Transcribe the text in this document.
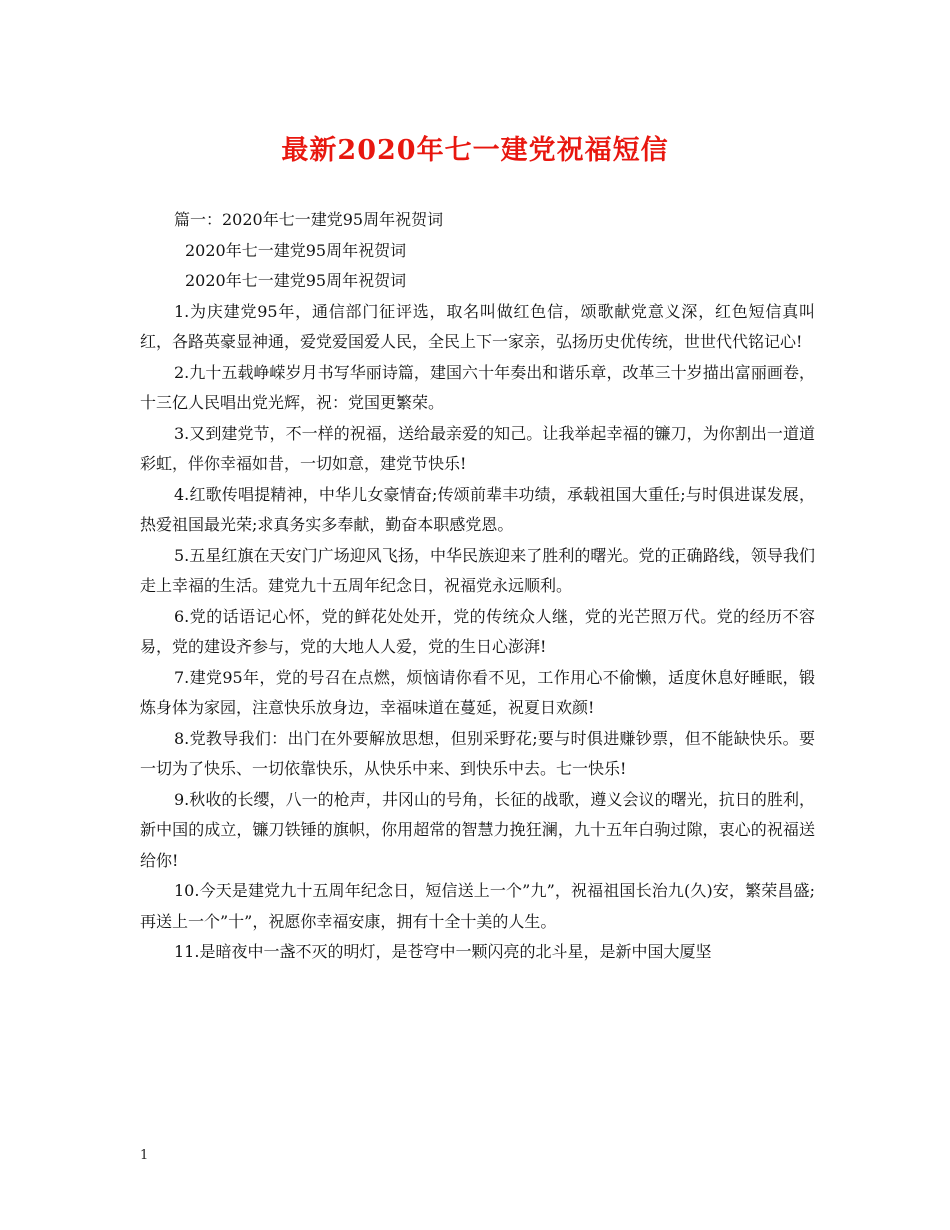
最新2020年七一建党祝福短信

篇一：2020年七一建党95周年祝贺词

2020年七一建党95周年祝贺词

2020年七一建党95周年祝贺词

1.为庆建党95年，通信部门征评选，取名叫做红色信，颂歌献党意义深，红色短信真叫红，各路英豪显神通，爱党爱国爱人民，全民上下一家亲，弘扬历史优传统，世世代代铭记心!

2.九十五载峥嵘岁月书写华丽诗篇，建国六十年奏出和谐乐章，改革三十岁描出富丽画卷，十三亿人民唱出党光辉，祝：党国更繁荣。

3.又到建党节，不一样的祝福，送给最亲爱的知己。让我举起幸福的镰刀，为你割出一道道彩虹，伴你幸福如昔，一切如意，建党节快乐!

4.红歌传唱提精神，中华儿女豪情奋;传颂前辈丰功绩，承载祖国大重任;与时俱进谋发展，热爱祖国最光荣;求真务实多奉献，勤奋本职感党恩。

5.五星红旗在天安门广场迎风飞扬，中华民族迎来了胜利的曙光。党的正确路线，领导我们走上幸福的生活。建党九十五周年纪念日，祝福党永远顺利。

6.党的话语记心怀，党的鲜花处处开，党的传统众人继，党的光芒照万代。党的经历不容易，党的建设齐参与，党的大地人人爱，党的生日心澎湃!

7.建党95年，党的号召在点燃，烦恼请你看不见，工作用心不偷懒，适度休息好睡眠，锻炼身体为家园，注意快乐放身边，幸福味道在蔓延，祝夏日欢颜!

8.党教导我们：出门在外要解放思想，但别采野花;要与时俱进赚钞票，但不能缺快乐。要一切为了快乐、一切依靠快乐，从快乐中来、到快乐中去。七一快乐!

9.秋收的长缨，八一的枪声，井冈山的号角，长征的战歌，遵义会议的曙光，抗日的胜利，新中国的成立，镰刀铁锤的旗帜，你用超常的智慧力挽狂澜，九十五年白驹过隙，衷心的祝福送给你!

10.今天是建党九十五周年纪念日，短信送上一个”九”，祝福祖国长治九(久)安，繁荣昌盛;再送上一个”十”，祝愿你幸福安康，拥有十全十美的人生。

11.是暗夜中一盏不灭的明灯，是苍穹中一颗闪亮的北斗星，是新中国大厦坚

1
